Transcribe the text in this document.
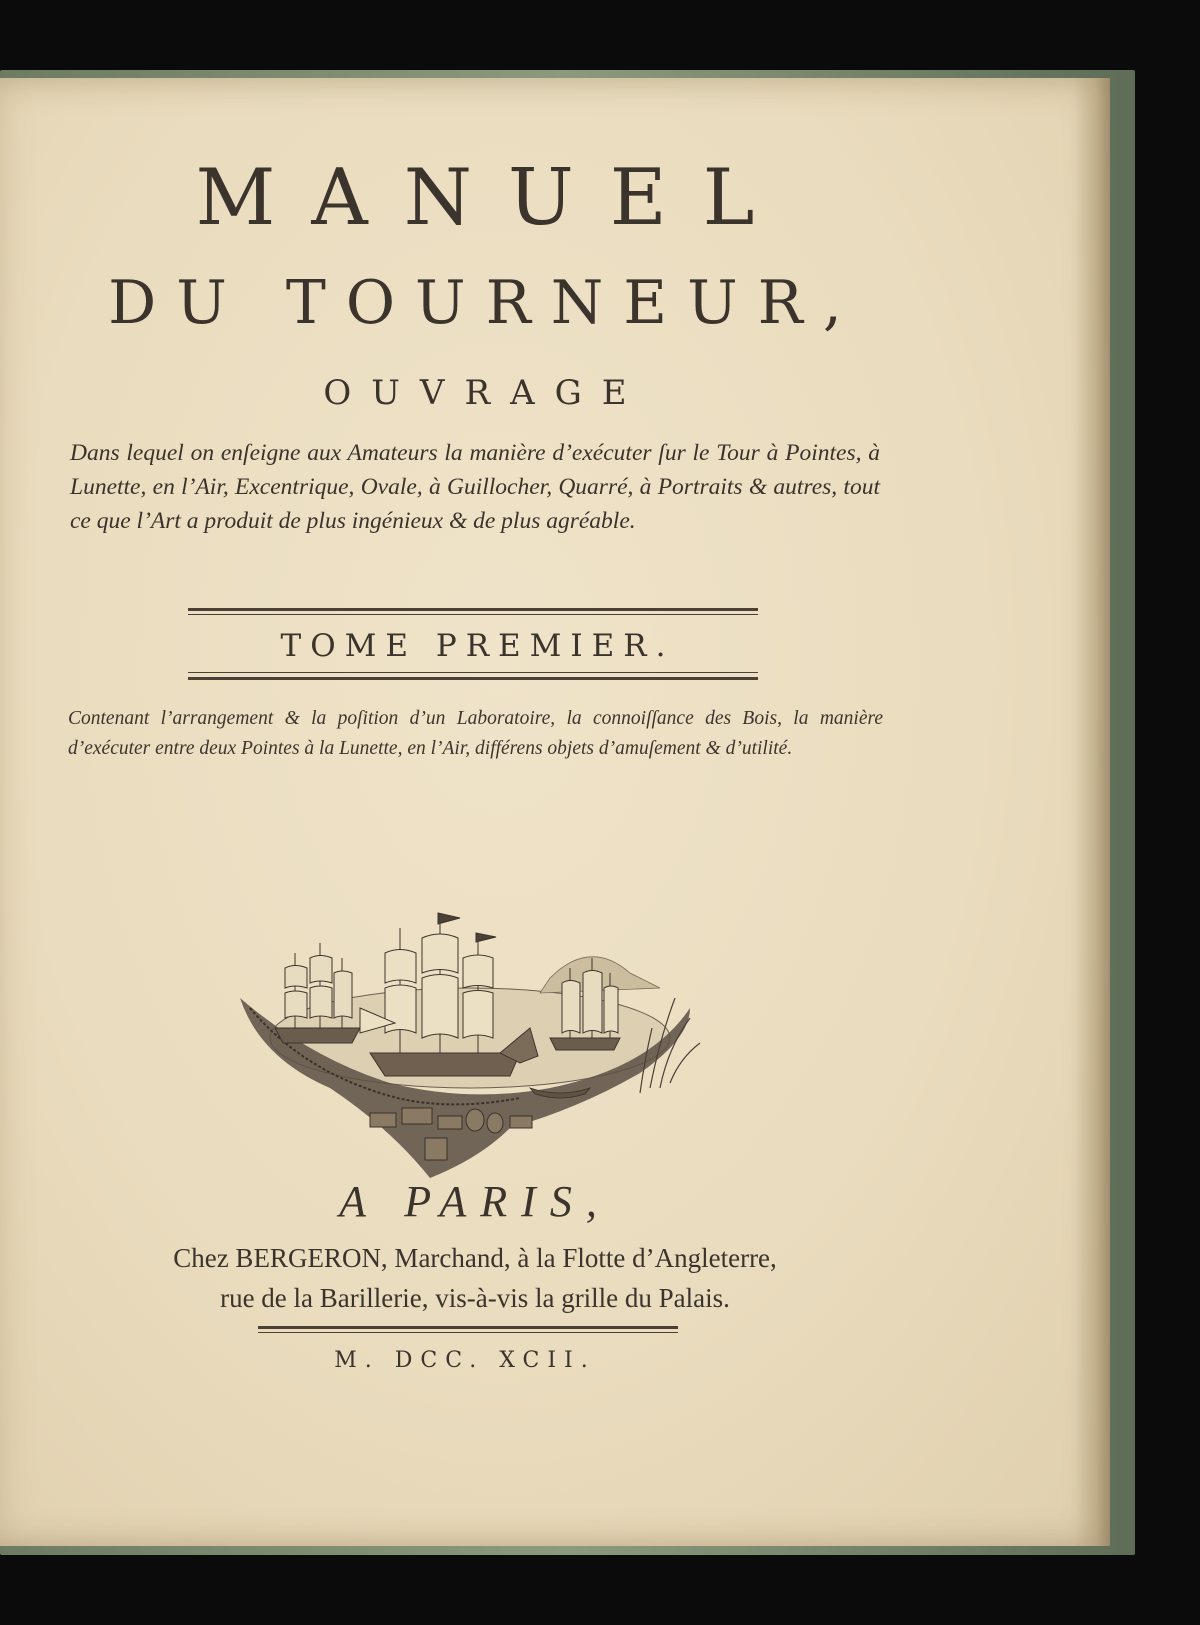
MANUEL
DU TOURNEUR,
OUVRAGE
Dans lequel on enſeigne aux Amateurs la manière d’exécuter ſur le Tour à Pointes, à Lunette, en l’Air, Excentrique, Ovale, à Guillocher, Quarré, à Portraits & autres, tout ce que l’Art a produit de plus ingénieux & de plus agréable.
TOME PREMIER.
Contenant l’arrangement & la poſition d’un Laboratoire, la connoiſſance des Bois, la manière d’exécuter entre deux Pointes à la Lunette, en l’Air, différens objets d’amuſement & d’utilité.
A PARIS,
Chez BERGERON, Marchand, à la Flotte d’Angleterre,
rue de la Barillerie, vis-à-vis la grille du Palais.
M. DCC. XCII.
